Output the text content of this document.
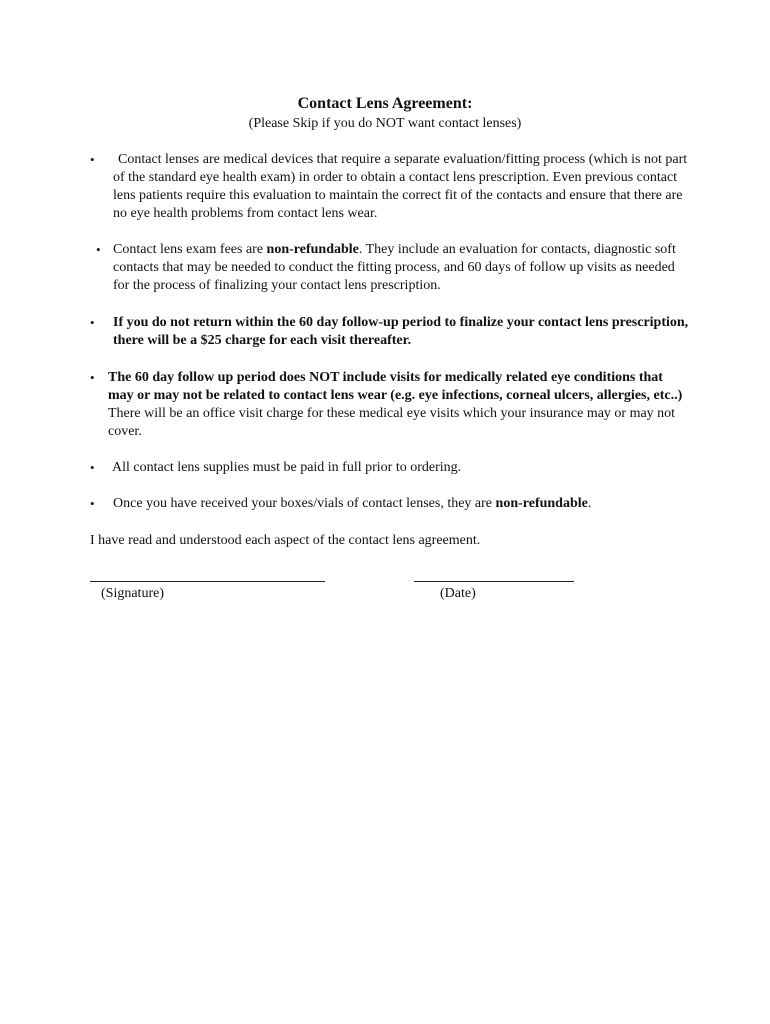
Contact Lens Agreement:
(Please Skip if you do NOT want contact lenses)
•	Contact lenses are medical devices that require a separate evaluation/fitting process (which is not part of the standard eye health exam) in order to obtain a contact lens prescription. Even previous contact lens patients require this evaluation to maintain the correct fit of the contacts and ensure that there are no eye health problems from contact lens wear.
• Contact lens exam fees are non-refundable. They include an evaluation for contacts, diagnostic soft contacts that may be needed to conduct the fitting process, and 60 days of follow up visits as needed for the process of finalizing your contact lens prescription.
• If you do not return within the 60 day follow-up period to finalize your contact lens prescription, there will be a $25 charge for each visit thereafter.
• The 60 day follow up period does NOT include visits for medically related eye conditions that may or may not be related to contact lens wear (e.g. eye infections, corneal ulcers, allergies, etc..) There will be an office visit charge for these medical eye visits which your insurance may or may not cover.
• All contact lens supplies must be paid in full prior to ordering.
• Once you have received your boxes/vials of contact lenses, they are non-refundable.
I have read and understood each aspect of the contact lens agreement.
(Signature)	(Date)
